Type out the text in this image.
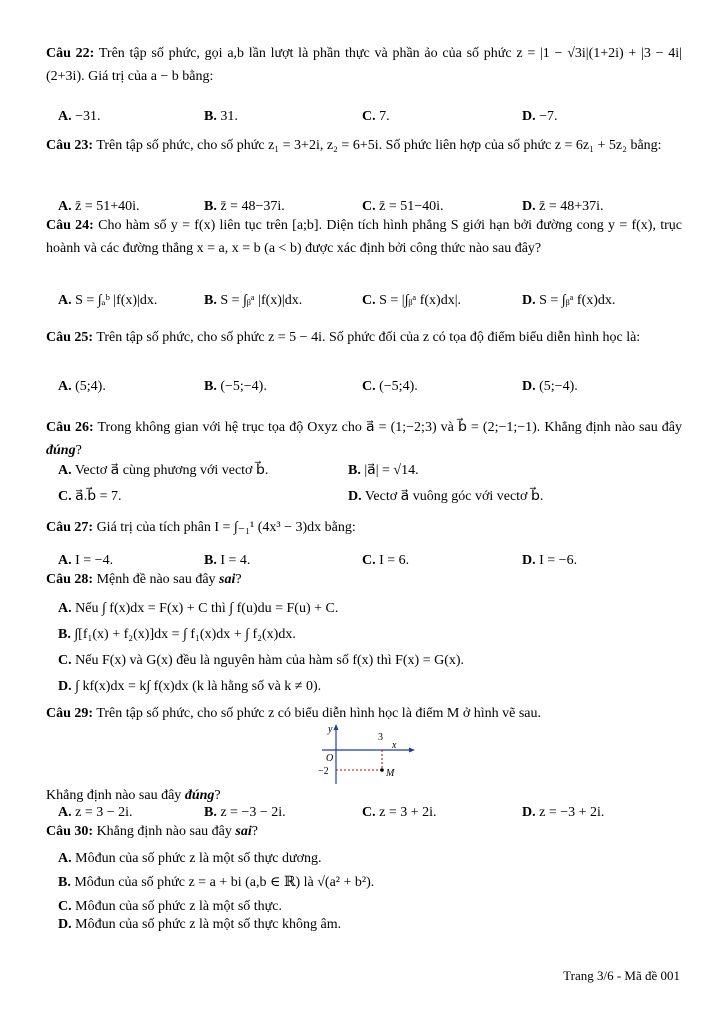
Câu 22: Trên tập số phức, gọi a,b lần lượt là phần thực và phần ảo của số phức z = |1 − √3i|(1+2i) + |3 − 4i|(2+3i). Giá trị của a − b bằng:
A. −31.	B. 31.	C. 7.	D. −7.
Câu 23: Trên tập số phức, cho số phức z₁ = 3+2i, z₂ = 6+5i. Số phức liên hợp của số phức z = 6z₁ + 5z₂ bằng:
A. z̄ = 51+40i.	B. z̄ = 48−37i.	C. z̄ = 51−40i.	D. z̄ = 48+37i.
Câu 24: Cho hàm số y = f(x) liên tục trên [a;b]. Diện tích hình phẳng S giới hạn bởi đường cong y = f(x), trục hoành và các đường thẳng x = a, x = b (a < b) được xác định bởi công thức nào sau đây?
A. S = ∫ₐᵇ |f(x)|dx.	B. S = ∫ᵦᵃ |f(x)|dx.	C. S = |∫ᵦᵃ f(x)dx|.	D. S = ∫ᵦᵃ f(x)dx.
Câu 25: Trên tập số phức, cho số phức z = 5 − 4i. Số phức đối của z có tọa độ điểm biểu diễn hình học là:
A. (5;4).	B. (−5;−4).	C. (−5;4).	D. (5;−4).
Câu 26: Trong không gian với hệ trục tọa độ Oxyz cho a⃗ = (1;−2;3) và b⃗ = (2;−1;−1). Khẳng định nào sau đây đúng?
A. Vectơ a⃗ cùng phương với vectơ b⃗.	B. |a⃗| = √14.
C. a⃗.b⃗ = 7.	D. Vectơ a⃗ vuông góc với vectơ b⃗.
Câu 27: Giá trị của tích phân I = ∫₋₁¹ (4x³ − 3)dx bằng:
A. I = −4.	B. I = 4.	C. I = 6.	D. I = −6.
Câu 28: Mệnh đề nào sau đây sai?
A. Nếu ∫ f(x)dx = F(x) + C thì ∫ f(u)du = F(u) + C.
B. ∫[f₁(x) + f₂(x)]dx = ∫ f₁(x)dx + ∫ f₂(x)dx.
C. Nếu F(x) và G(x) đều là nguyên hàm của hàm số f(x) thì F(x) = G(x).
D. ∫ kf(x)dx = k∫ f(x)dx (k là hằng số và k ≠ 0).
Câu 29: Trên tập số phức, cho số phức z có biểu diễn hình học là điểm M ở hình vẽ sau.
y
x
O
3
−2	M
Khẳng định nào sau đây đúng?
A. z = 3 − 2i.	B. z = −3 − 2i.	C. z = 3 + 2i.	D. z = −3 + 2i.
Câu 30: Khẳng định nào sau đây sai?
A. Môđun của số phức z là một số thực dương.
B. Môđun của số phức z = a + bi (a,b ∈ ℝ) là √(a² + b²).
C. Môđun của số phức z là một số thực.
D. Môđun của số phức z là một số thực không âm.
Trang 3/6 - Mã đề 001
